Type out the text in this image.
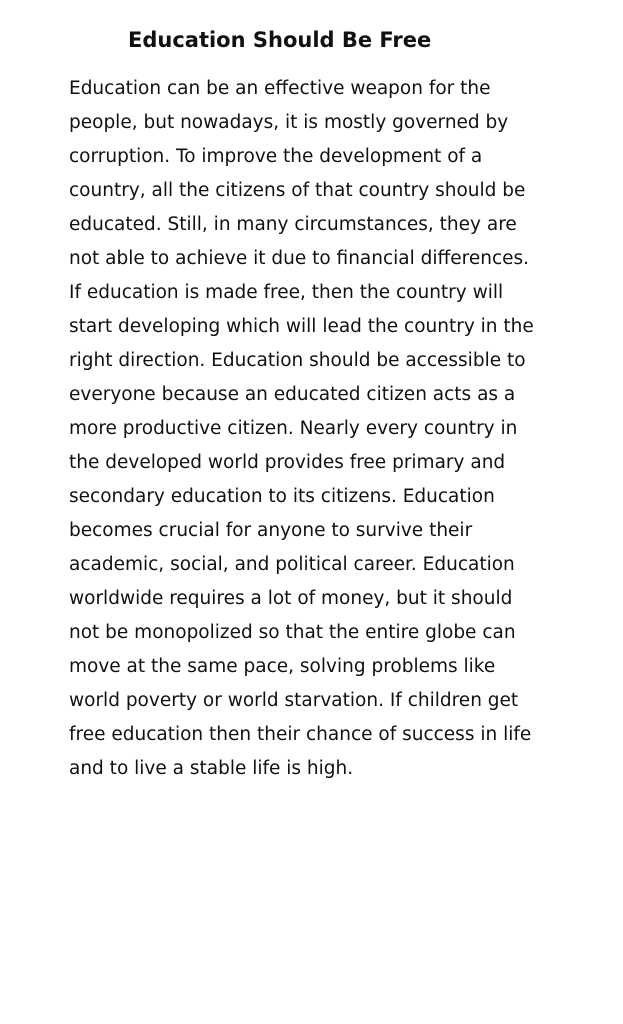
Education Should Be Free
Education can be an effective weapon for the
people, but nowadays, it is mostly governed by
corruption. To improve the development of a
country, all the citizens of that country should be
educated. Still, in many circumstances, they are
not able to achieve it due to financial differences.
If education is made free, then the country will
start developing which will lead the country in the
right direction. Education should be accessible to
everyone because an educated citizen acts as a
more productive citizen. Nearly every country in
the developed world provides free primary and
secondary education to its citizens. Education
becomes crucial for anyone to survive their
academic, social, and political career. Education
worldwide requires a lot of money, but it should
not be monopolized so that the entire globe can
move at the same pace, solving problems like
world poverty or world starvation. If children get
free education then their chance of success in life
and to live a stable life is high.
